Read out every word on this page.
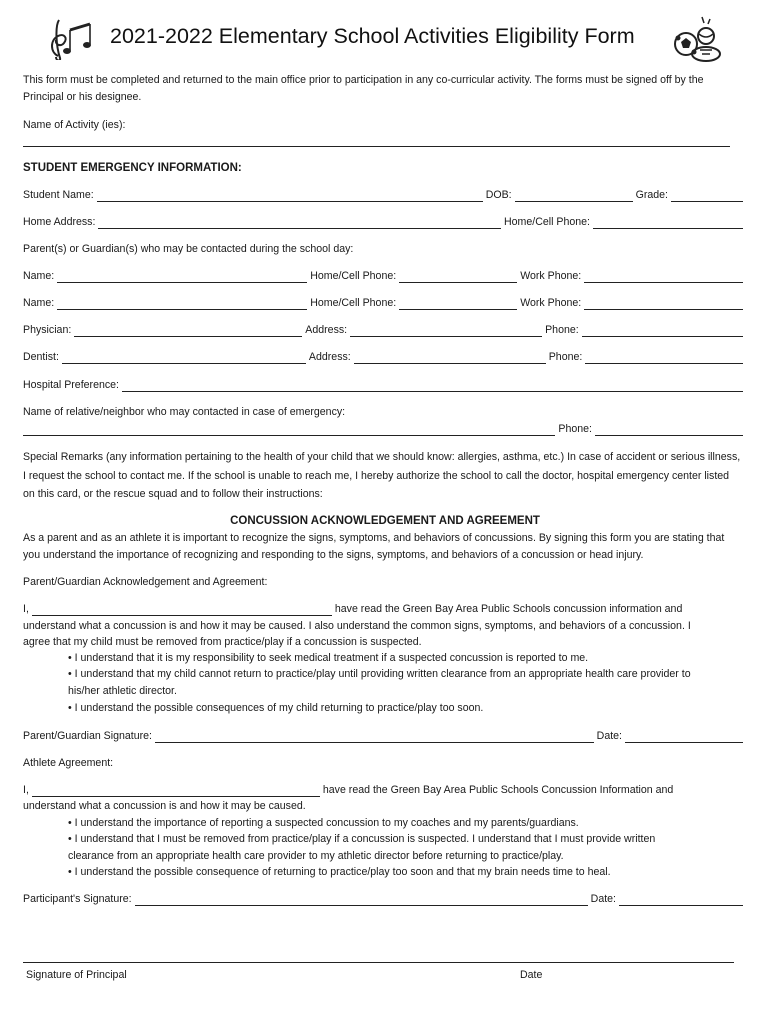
2021-2022 Elementary School Activities Eligibility Form
This form must be completed and returned to the main office prior to participation in any co-curricular activity. The forms must be signed off by the Principal or his designee.
Name of Activity (ies):
STUDENT EMERGENCY INFORMATION:
Student Name:	DOB:	Grade:
Home Address:	Home/Cell Phone:
Parent(s) or Guardian(s) who may be contacted during the school day:
Name:	Home/Cell Phone:	Work Phone:
Name:	Home/Cell Phone:	Work Phone:
Physician:	Address:	Phone:
Dentist:	Address:	Phone:
Hospital Preference:
Name of relative/neighbor who may contacted in case of emergency:
Phone:
Special Remarks (any information pertaining to the health of your child that we should know: allergies, asthma, etc.) In case of accident or serious illness, I request the school to contact me. If the school is unable to reach me, I hereby authorize the school to call the doctor, hospital emergency center listed on this card, or the rescue squad and to follow their instructions:
CONCUSSION ACKNOWLEDGEMENT AND AGREEMENT
As a parent and as an athlete it is important to recognize the signs, symptoms, and behaviors of concussions. By signing this form you are stating that you understand the importance of recognizing and responding to the signs, symptoms, and behaviors of a concussion or head injury.
Parent/Guardian Acknowledgement and Agreement:
I,	have read the Green Bay Area Public Schools concussion information and
understand what a concussion is and how it may be caused. I also understand the common signs, symptoms, and behaviors of a concussion. I
agree that my child must be removed from practice/play if a concussion is suspected.
• I understand that it is my responsibility to seek medical treatment if a suspected concussion is reported to me.
• I understand that my child cannot return to practice/play until providing written clearance from an appropriate health care provider to
his/her athletic director.
• I understand the possible consequences of my child returning to practice/play too soon.
Parent/Guardian Signature:	Date:
Athlete Agreement:
I,	have read the Green Bay Area Public Schools Concussion Information and
understand what a concussion is and how it may be caused.
• I understand the importance of reporting a suspected concussion to my coaches and my parents/guardians.
• I understand that I must be removed from practice/play if a concussion is suspected. I understand that I must provide written
clearance from an appropriate health care provider to my athletic director before returning to practice/play.
• I understand the possible consequence of returning to practice/play too soon and that my brain needs time to heal.
Participant's Signature:	Date:
Signature of Principal	Date
